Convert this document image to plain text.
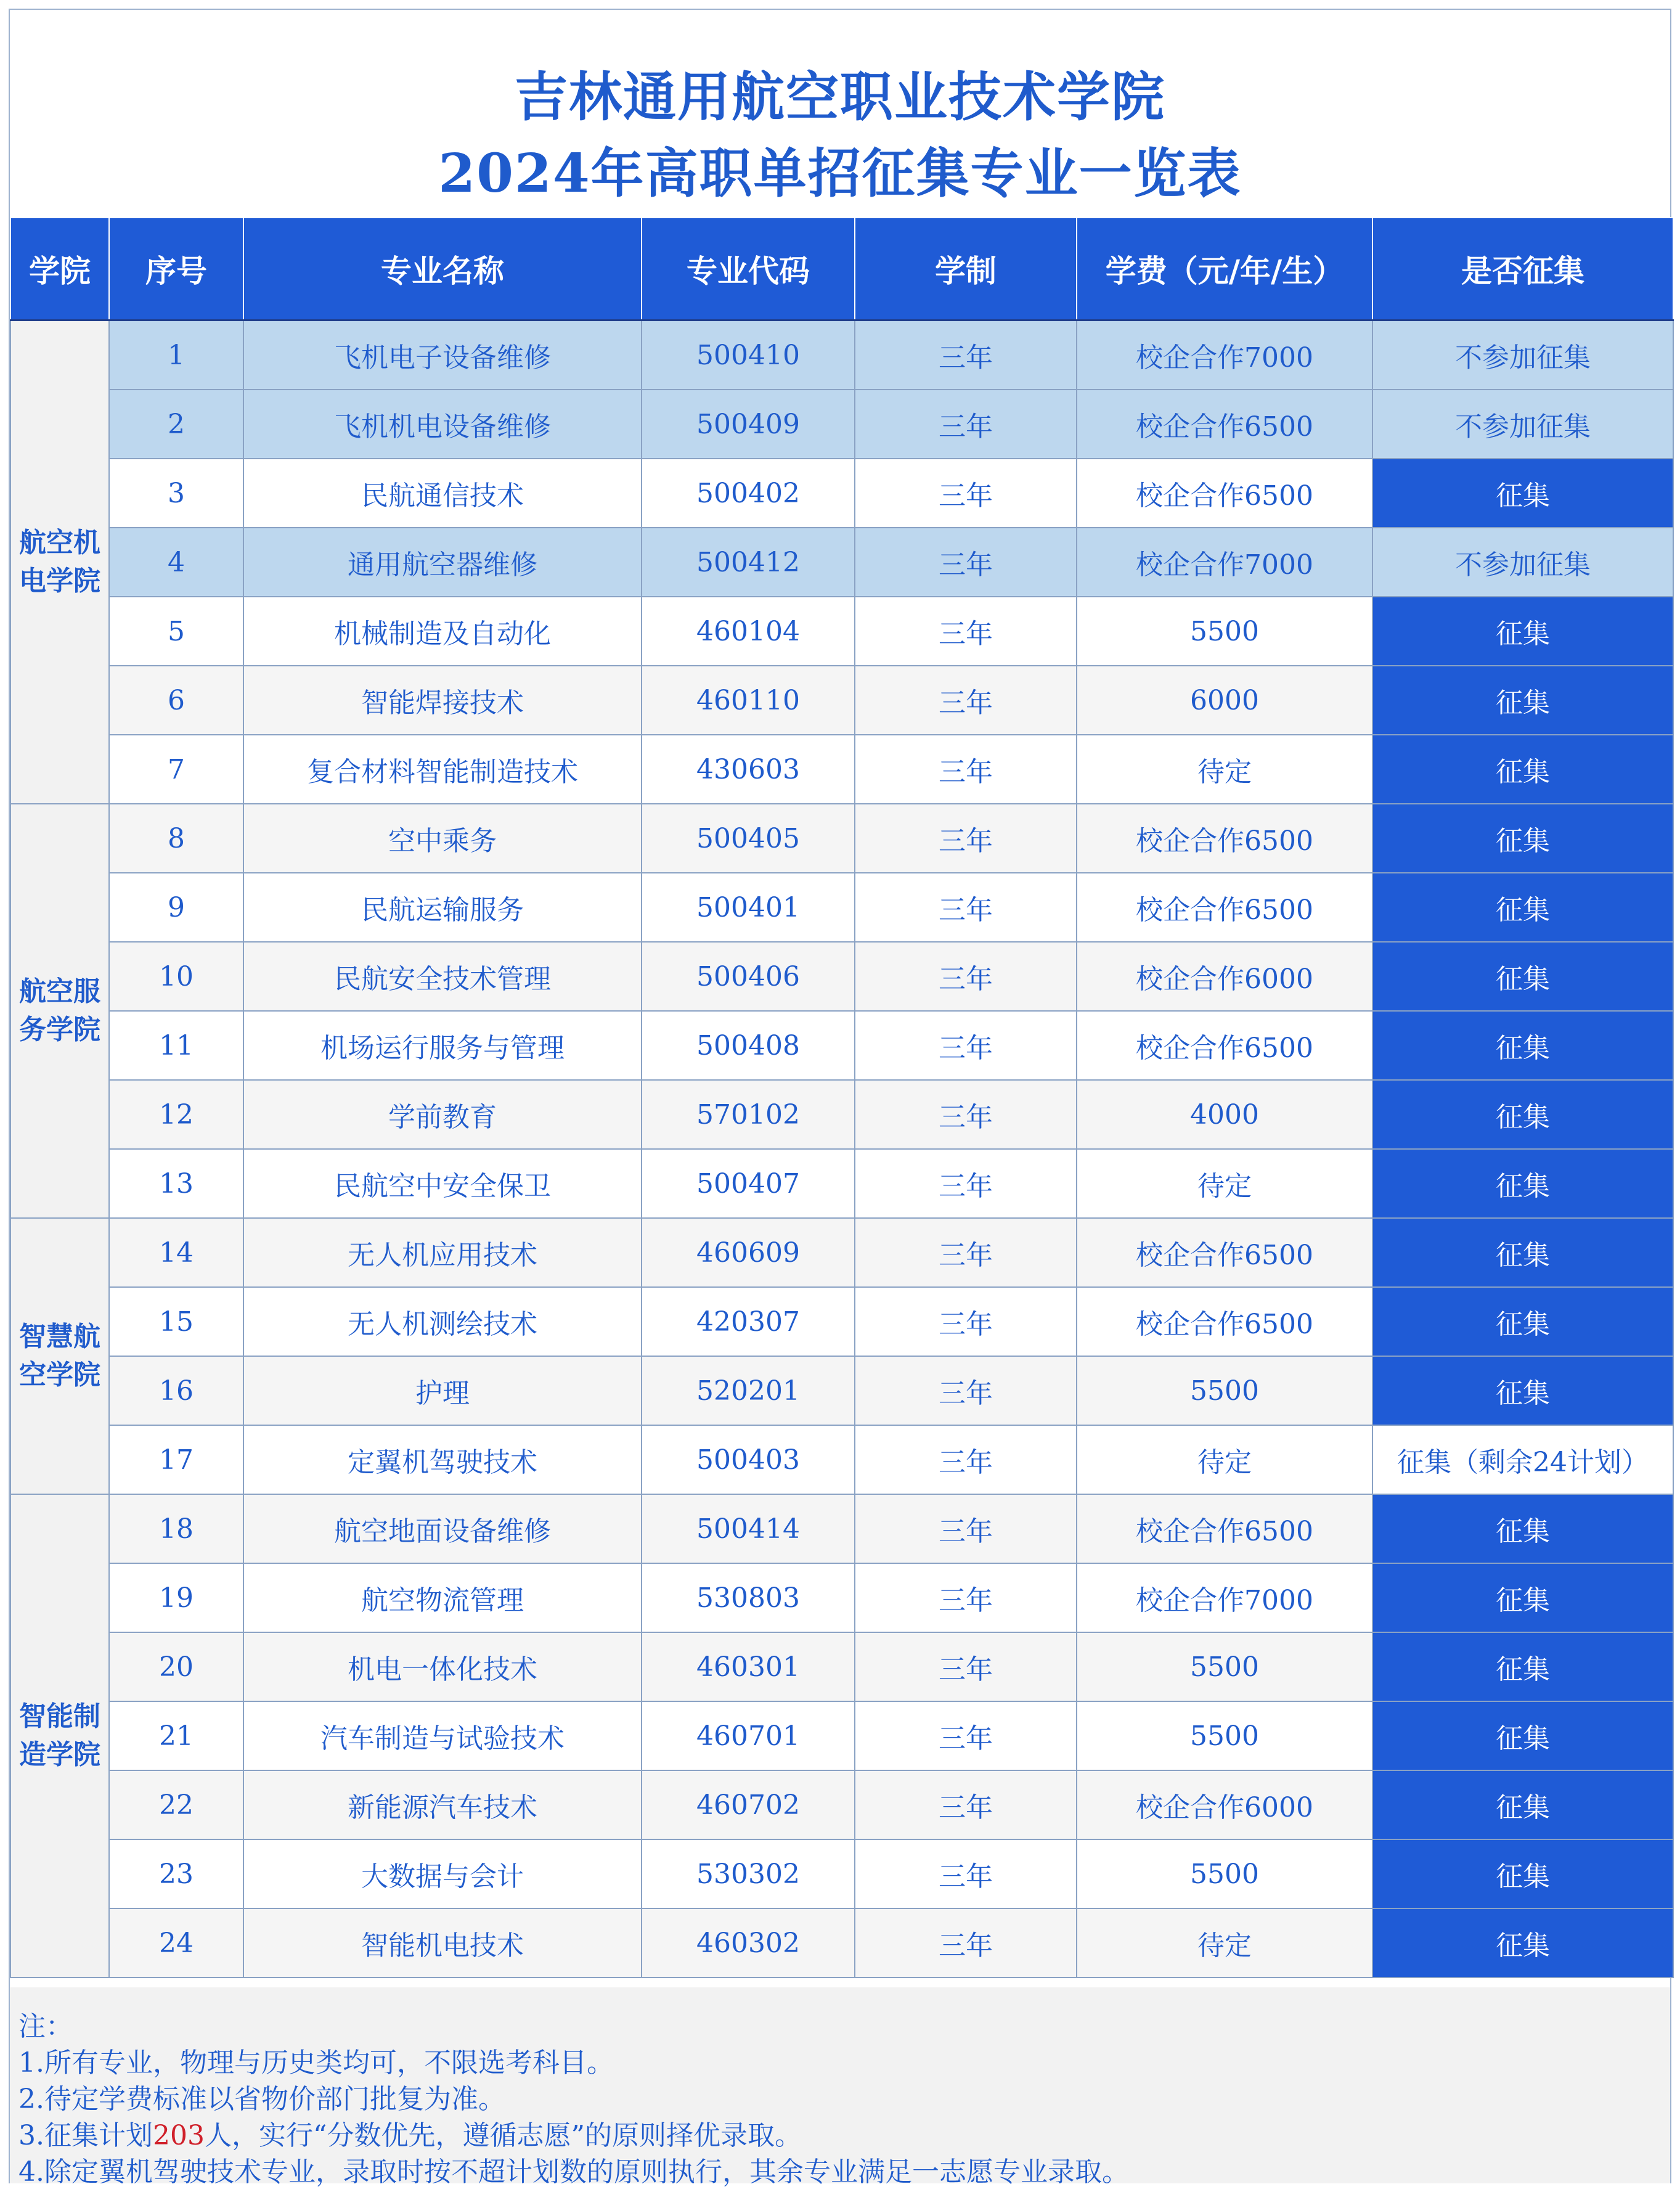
吉林通用航空职业技术学院
2024年高职单招征集专业一览表
学院	序号	专业名称	专业代码	学制	学费（元/年/生）	是否征集
航空机电学院	1	飞机电子设备维修	500410	三年	校企合作7000	不参加征集
	2	飞机机电设备维修	500409	三年	校企合作6500	不参加征集
	3	民航通信技术	500402	三年	校企合作6500	征集
	4	通用航空器维修	500412	三年	校企合作7000	不参加征集
	5	机械制造及自动化	460104	三年	5500	征集
	6	智能焊接技术	460110	三年	6000	征集
	7	复合材料智能制造技术	430603	三年	待定	征集
航空服务学院	8	空中乘务	500405	三年	校企合作6500	征集
	9	民航运输服务	500401	三年	校企合作6500	征集
	10	民航安全技术管理	500406	三年	校企合作6000	征集
	11	机场运行服务与管理	500408	三年	校企合作6500	征集
	12	学前教育	570102	三年	4000	征集
	13	民航空中安全保卫	500407	三年	待定	征集
智慧航空学院	14	无人机应用技术	460609	三年	校企合作6500	征集
	15	无人机测绘技术	420307	三年	校企合作6500	征集
	16	护理	520201	三年	5500	征集
	17	定翼机驾驶技术	500403	三年	待定	征集（剩余24计划）
智能制造学院	18	航空地面设备维修	500414	三年	校企合作6500	征集
	19	航空物流管理	530803	三年	校企合作7000	征集
	20	机电一体化技术	460301	三年	5500	征集
	21	汽车制造与试验技术	460701	三年	5500	征集
	22	新能源汽车技术	460702	三年	校企合作6000	征集
	23	大数据与会计	530302	三年	5500	征集
	24	智能机电技术	460302	三年	待定	征集
注：
1.所有专业，物理与历史类均可，不限选考科目。
2.待定学费标准以省物价部门批复为准。
3.征集计划203人，实行“分数优先，遵循志愿”的原则择优录取。
4.除定翼机驾驶技术专业，录取时按不超计划数的原则执行，其余专业满足一志愿专业录取。
